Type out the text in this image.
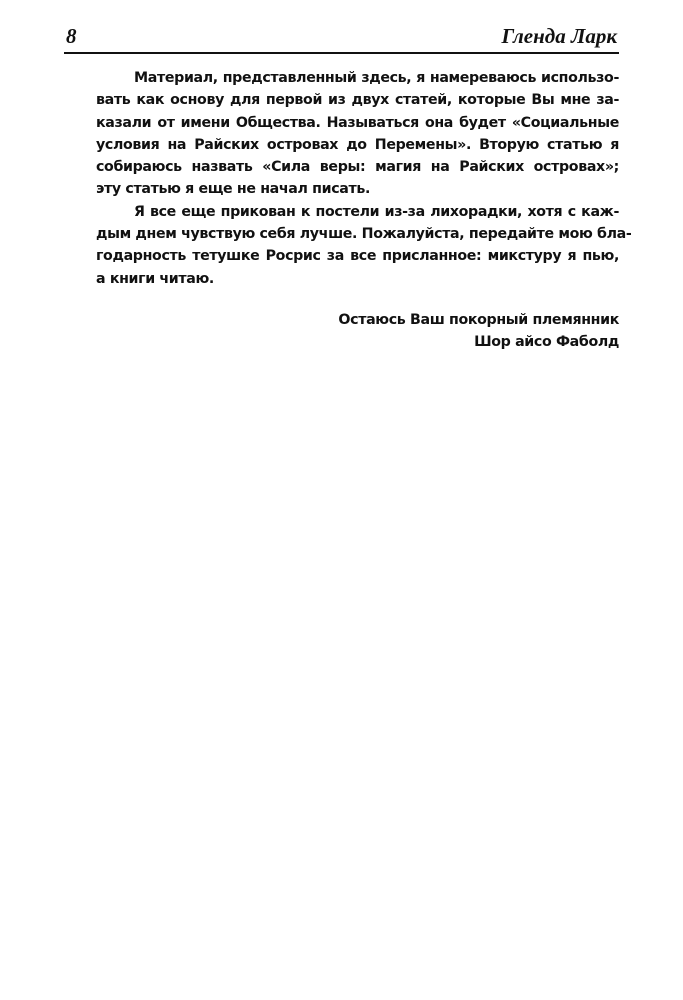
8	Гленда Ларк
Материал, представленный здесь, я намереваюсь использо-
вать как основу для первой из двух статей, которые Вы мне за-
казали от имени Общества. Называться она будет «Социальные
условия на Райских островах до Перемены». Вторую статью я
собираюсь назвать «Сила веры: магия на Райских островах»;
эту статью я еще не начал писать.
Я все еще прикован к постели из-за лихорадки, хотя с каж-
дым днем чувствую себя лучше. Пожалуйста, передайте мою бла-
годарность тетушке Росрис за все присланное: микстуру я пью,
а книги читаю.
Остаюсь Ваш покорный племянник
Шор айсо Фаболд
